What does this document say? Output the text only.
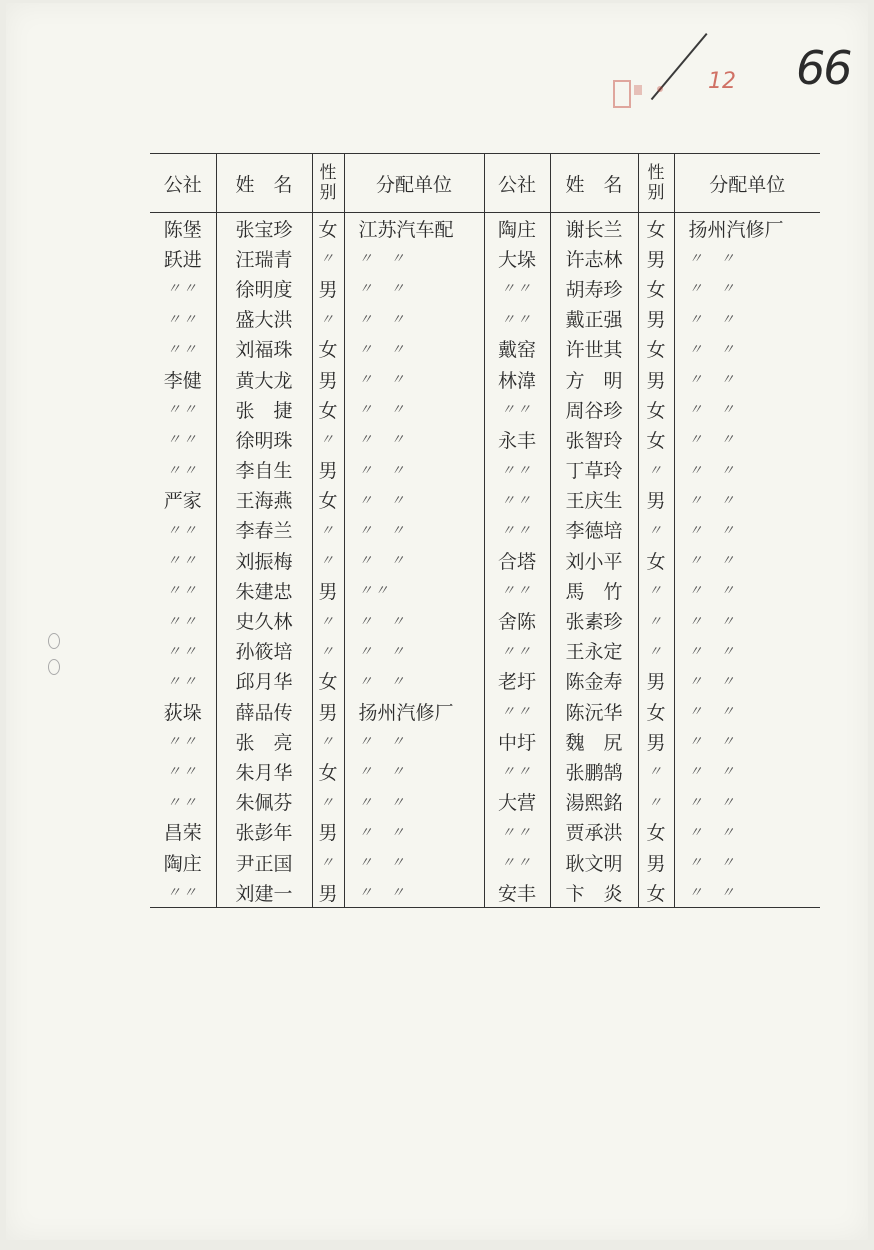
12 66
公社	姓　名	性别	分配单位	公社	姓　名	性别	分配单位
陈堡	张宝珍	女	江苏汽车配	陶庄	谢长兰	女	扬州汽修厂
跃进	汪瑞青	〃	〃　〃	大垛	许志林	男	〃　〃
〃〃	徐明度	男	〃　〃	〃〃	胡寿珍	女	〃　〃
〃〃	盛大洪	〃	〃　〃	〃〃	戴正强	男	〃　〃
〃〃	刘福珠	女	〃　〃	戴窑	许世其	女	〃　〃
李健	黄大龙	男	〃　〃	林湋	方　明	男	〃　〃
〃〃	张　捷	女	〃　〃	〃〃	周谷珍	女	〃　〃
〃〃	徐明珠	〃	〃　〃	永丰	张智玲	女	〃　〃
〃〃	李自生	男	〃　〃	〃〃	丁草玲	〃	〃　〃
严家	王海燕	女	〃　〃	〃〃	王庆生	男	〃　〃
〃〃	李春兰	〃	〃　〃	〃〃	李德培	〃	〃　〃
〃〃	刘振梅	〃	〃　〃	合塔	刘小平	女	〃　〃
〃〃	朱建忠	男	〃〃	〃〃	馬　竹	〃	〃　〃
〃〃	史久林	〃	〃　〃	舍陈	张素珍	〃	〃　〃
〃〃	孙筱培	〃	〃　〃	〃〃	王永定	〃	〃　〃
〃〃	邱月华	女	〃　〃	老圩	陈金寿	男	〃　〃
荻垛	薛品传	男	扬州汽修厂	〃〃	陈沅华	女	〃　〃
〃〃	张　亮	〃	〃　〃	中圩	魏　尻	男	〃　〃
〃〃	朱月华	女	〃　〃	〃〃	张鹏鹄	〃	〃　〃
〃〃	朱佩芬	〃	〃　〃	大营	湯熙銘	〃	〃　〃
昌荣	张彭年	男	〃　〃	〃〃	贾承洪	女	〃　〃
陶庄	尹正国	〃	〃　〃	〃〃	耿文明	男	〃　〃
〃〃	刘建一	男	〃　〃	安丰	卞　炎	女	〃　〃
